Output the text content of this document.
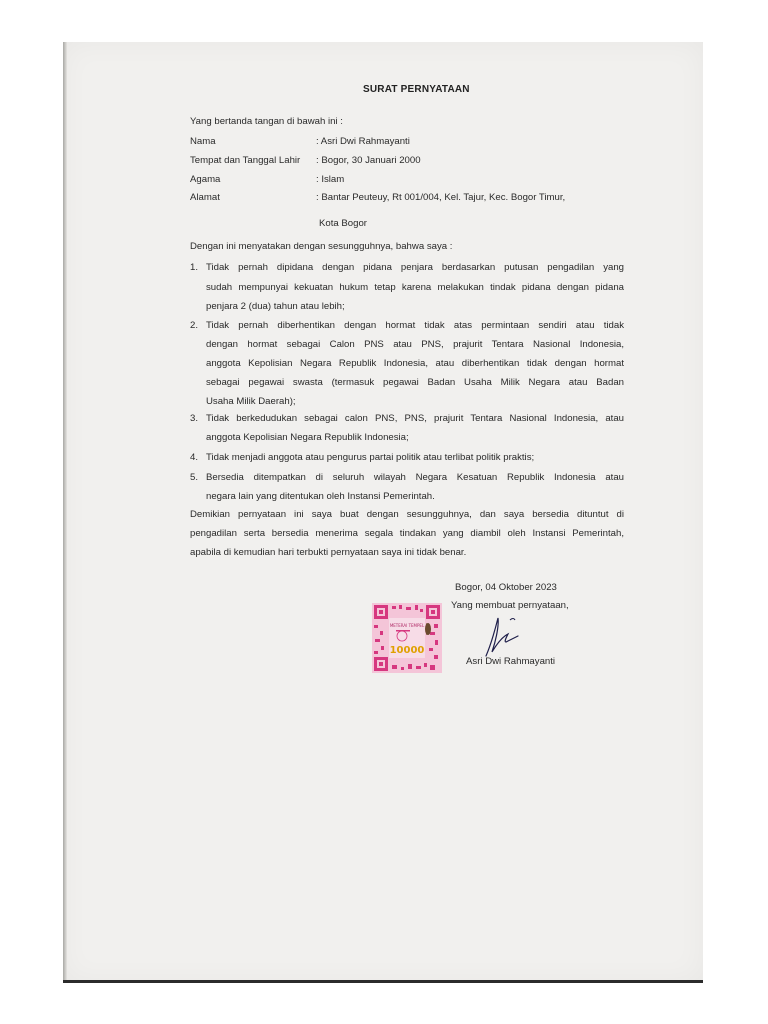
SURAT PERNYATAAN
Yang bertanda tangan di bawah ini :
Nama	: Asri Dwi Rahmayanti
Tempat dan Tanggal Lahir : Bogor, 30 Januari 2000
Agama	: Islam
Alamat	: Bantar Peuteuy, Rt 001/004, Kel. Tajur, Kec. Bogor Timur,
Kota Bogor
Dengan ini menyatakan dengan sesungguhnya, bahwa saya :
1. Tidak pernah dipidana dengan pidana penjara berdasarkan putusan pengadilan yang
sudah mempunyai kekuatan hukum tetap karena melakukan tindak pidana dengan pidana
penjara 2 (dua) tahun atau lebih;
2. Tidak pernah diberhentikan dengan hormat tidak atas permintaan sendiri atau tidak
dengan hormat sebagai Calon PNS atau PNS, prajurit Tentara Nasional Indonesia,
anggota Kepolisian Negara Republik Indonesia, atau diberhentikan tidak dengan hormat
sebagai pegawai swasta (termasuk pegawai Badan Usaha Milik Negara atau Badan
Usaha Milik Daerah);
3. Tidak berkedudukan sebagai calon PNS, PNS, prajurit Tentara Nasional Indonesia, atau
anggota Kepolisian Negara Republik Indonesia;
4. Tidak menjadi anggota atau pengurus partai politik atau terlibat politik praktis;
5. Bersedia ditempatkan di seluruh wilayah Negara Kesatuan Republik Indonesia atau
negara lain yang ditentukan oleh Instansi Pemerintah.
Demikian pernyataan ini saya buat dengan sesungguhnya, dan saya bersedia dituntut di
pengadilan serta bersedia menerima segala tindakan yang diambil oleh Instansi Pemerintah,
apabila di kemudian hari terbukti pernyataan saya ini tidak benar.
Bogor, 04 Oktober 2023
Yang membuat pernyataan,
METERAI TEMPEL
10000
Asri Dwi Rahmayanti
